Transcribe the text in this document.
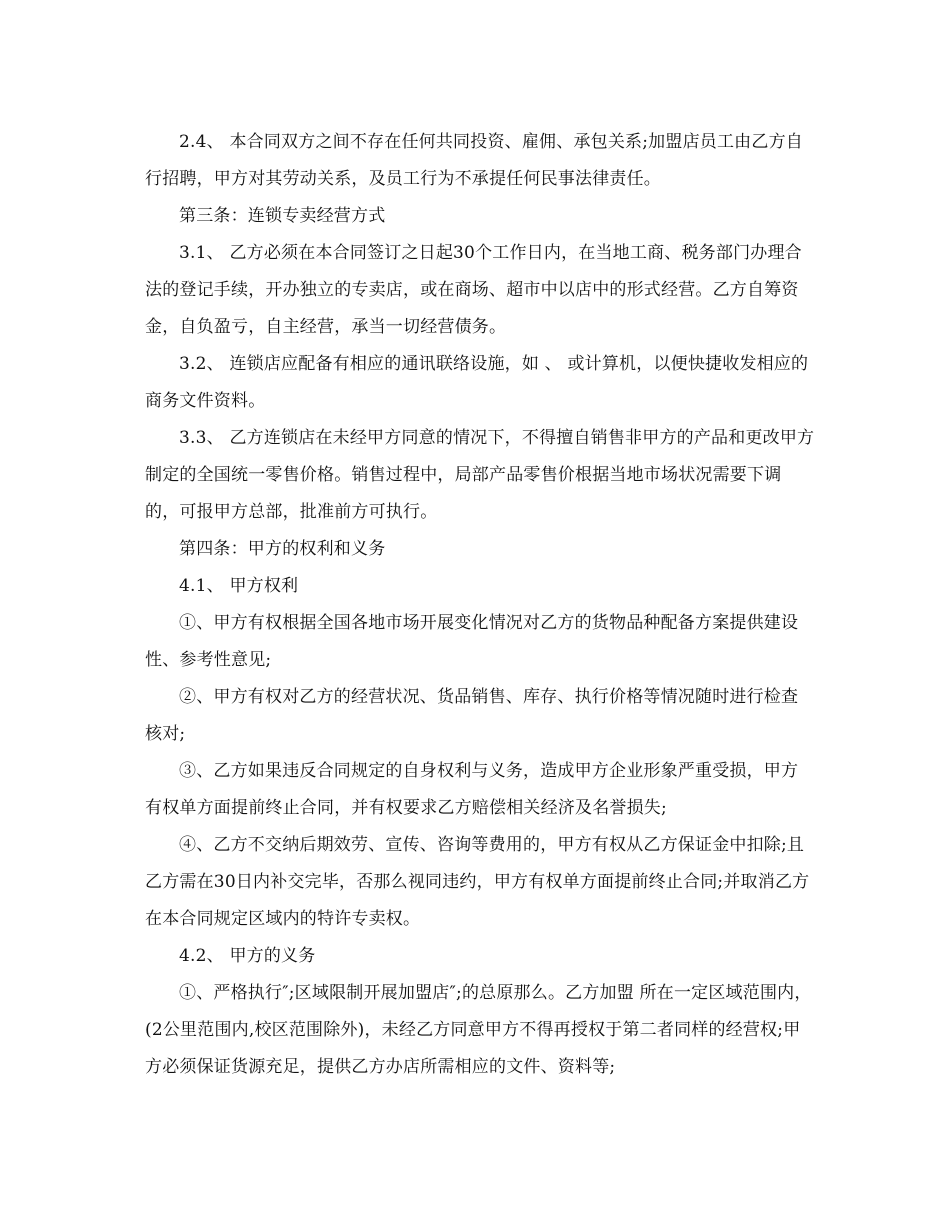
2.4、 本合同双方之间不存在任何共同投资、雇佣、承包关系;加盟店员工由乙方自行招聘，甲方对其劳动关系，及员工行为不承提任何民事法律责任。

第三条：连锁专卖经营方式

3.1、 乙方必须在本合同签订之日起30个工作日内，在当地工商、税务部门办理合法的登记手续，开办独立的专卖店，或在商场、超市中以店中的形式经营。乙方自筹资金，自负盈亏，自主经营，承当一切经营债务。

3.2、 连锁店应配备有相应的通讯联络设施，如 、 或计算机，以便快捷收发相应的商务文件资料。

3.3、 乙方连锁店在未经甲方同意的情况下，不得擅自销售非甲方的产品和更改甲方制定的全国统一零售价格。销售过程中，局部产品零售价根据当地市场状况需要下调的，可报甲方总部，批准前方可执行。

第四条：甲方的权利和义务

4.1、 甲方权利

①、甲方有权根据全国各地市场开展变化情况对乙方的货物品种配备方案提供建设性、参考性意见;

②、甲方有权对乙方的经营状况、货品销售、库存、执行价格等情况随时进行检查核对;

③、乙方如果违反合同规定的自身权利与义务，造成甲方企业形象严重受损，甲方有权单方面提前终止合同，并有权要求乙方赔偿相关经济及名誉损失;

④、乙方不交纳后期效劳、宣传、咨询等费用的，甲方有权从乙方保证金中扣除;且乙方需在30日内补交完毕，否那么视同违约，甲方有权单方面提前终止合同;并取消乙方在本合同规定区域内的特许专卖权。

4.2、 甲方的义务

①、严格执行″;区域限制开展加盟店″;的总原那么。乙方加盟 所在一定区域范围内，(2公里范围内,校区范围除外)，未经乙方同意甲方不得再授权于第二者同样的经营权;甲方必须保证货源充足，提供乙方办店所需相应的文件、资料等;
